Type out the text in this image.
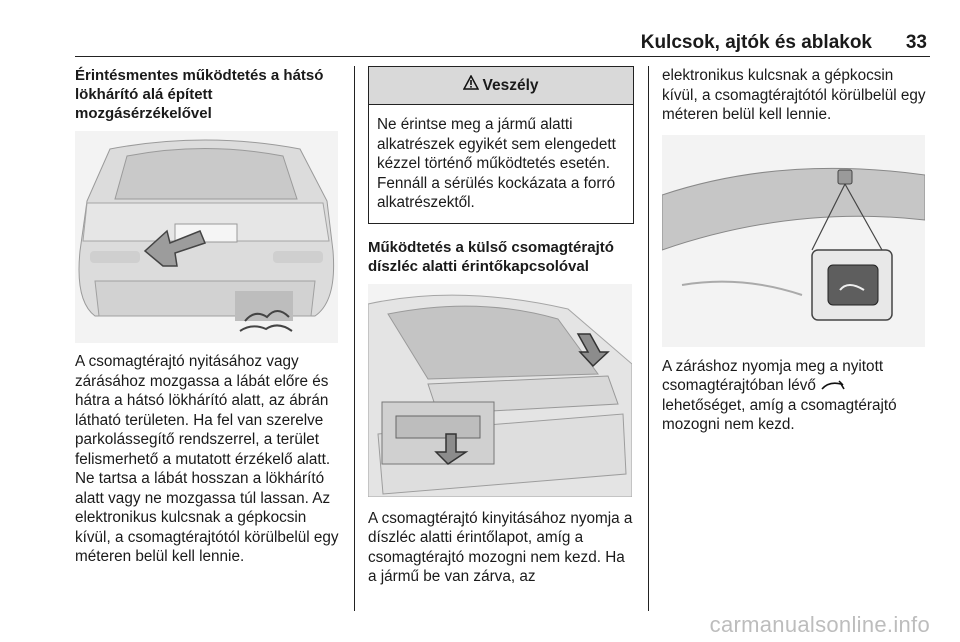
Kulcsok, ajtók és ablakok 33

Érintésmentes működtetés a hátsó lökhárító alá épített mozgásérzékelővel

A csomagtérajtó nyitásához vagy zárásához mozgassa a lábát előre és hátra a hátsó lökhárító alatt, az ábrán látható területen. Ha fel van szerelve parkolássegítő rendszerrel, a terület felismerhető a mutatott érzékelő alatt. Ne tartsa a lábát hosszan a lökhárító alatt vagy ne mozgassa túl lassan. Az elektronikus kulcsnak a gépkocsin kívül, a csomagtérajtótól körülbelül egy méteren belül kell lennie.

Veszély

Ne érintse meg a jármű alatti alkatrészek egyikét sem elengedett kézzel történő működtetés esetén. Fennáll a sérülés kockázata a forró alkatrészektől.

Működtetés a külső csomagtérajtó díszléc alatti érintőkapcsolóval

A csomagtérajtó kinyitásához nyomja a díszléc alatti érintőlapot, amíg a csomagtérajtó mozogni nem kezd. Ha a jármű be van zárva, az

elektronikus kulcsnak a gépkocsin kívül, a csomagtérajtótól körülbelül egy méteren belül kell lennie.

A záráshoz nyomja meg a nyitott csomagtérajtóban lévő  lehetőséget, amíg a csomagtérajtó mozogni nem kezd.

carmanualsonline.info
